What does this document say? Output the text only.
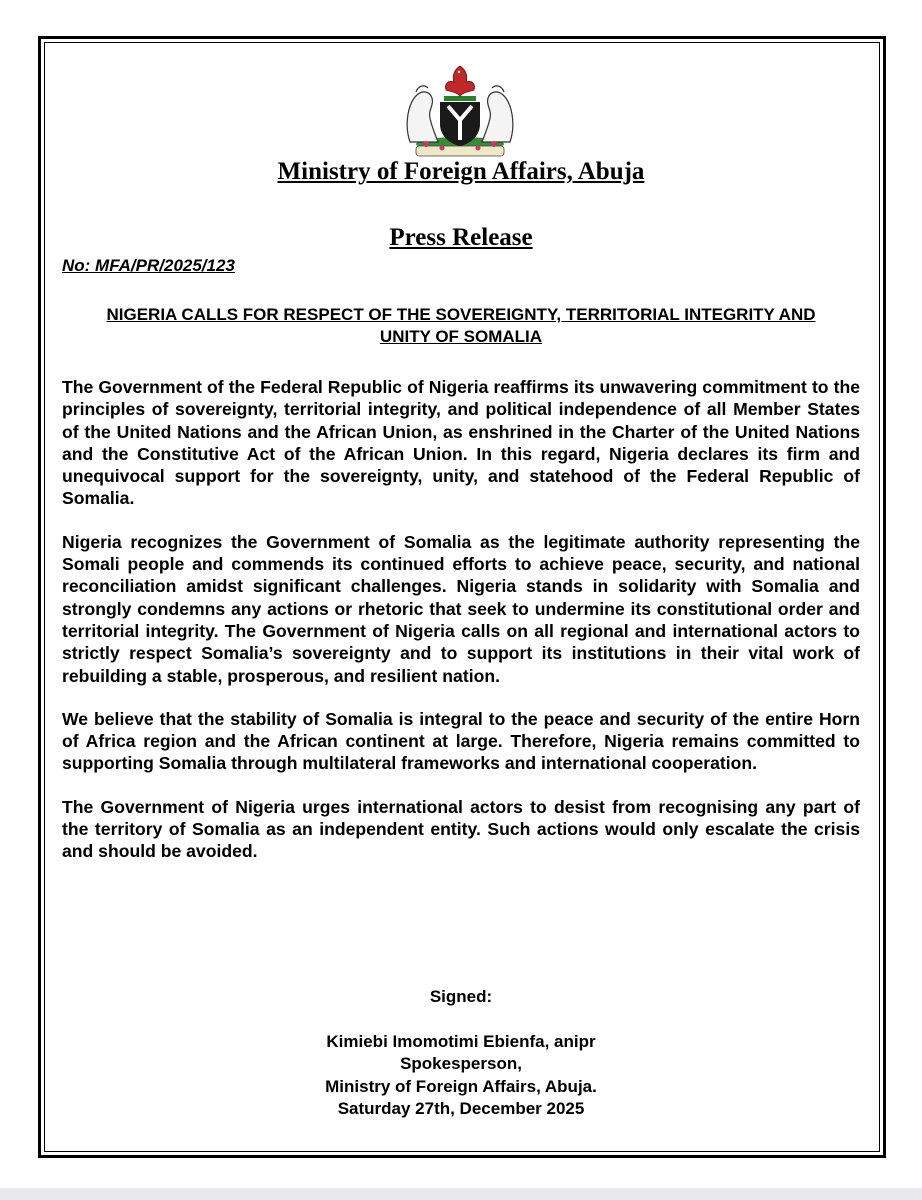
Ministry of Foreign Affairs, Abuja
Press Release
No: MFA/PR/2025/123
NIGERIA CALLS FOR RESPECT OF THE SOVEREIGNTY, TERRITORIAL INTEGRITY AND UNITY OF SOMALIA

The Government of the Federal Republic of Nigeria reaffirms its unwavering commitment to the principles of sovereignty, territorial integrity, and political independence of all Member States of the United Nations and the African Union, as enshrined in the Charter of the United Nations and the Constitutive Act of the African Union. In this regard, Nigeria declares its firm and unequivocal support for the sovereignty, unity, and statehood of the Federal Republic of Somalia.

Nigeria recognizes the Government of Somalia as the legitimate authority representing the Somali people and commends its continued efforts to achieve peace, security, and national reconciliation amidst significant challenges. Nigeria stands in solidarity with Somalia and strongly condemns any actions or rhetoric that seek to undermine its constitutional order and territorial integrity. The Government of Nigeria calls on all regional and international actors to strictly respect Somalia’s sovereignty and to support its institutions in their vital work of rebuilding a stable, prosperous, and resilient nation.

We believe that the stability of Somalia is integral to the peace and security of the entire Horn of Africa region and the African continent at large. Therefore, Nigeria remains committed to supporting Somalia through multilateral frameworks and international cooperation.

The Government of Nigeria urges international actors to desist from recognising any part of the territory of Somalia as an independent entity. Such actions would only escalate the crisis and should be avoided.

Signed:
Kimiebi Imomotimi Ebienfa, anipr
Spokesperson,
Ministry of Foreign Affairs, Abuja.
Saturday 27th, December 2025
